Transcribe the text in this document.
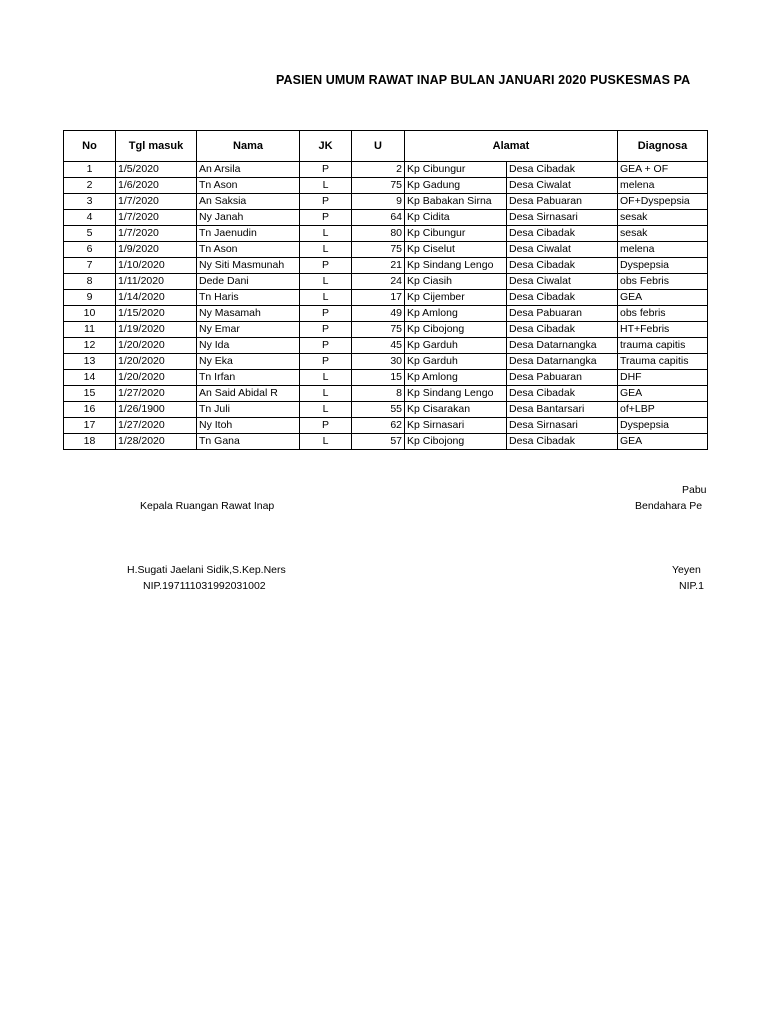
PASIEN UMUM RAWAT INAP BULAN JANUARI 2020 PUSKESMAS PA
No	Tgl masuk	Nama	JK	U	Alamat		Diagnosa
1	1/5/2020	An Arsila	P	2	Kp Cibungur	Desa Cibadak	GEA + OF
2	1/6/2020	Tn Ason	L	75	Kp Gadung	Desa Ciwalat	melena
3	1/7/2020	An Saksia	P	9	Kp Babakan Sirna	Desa Pabuaran	OF+Dyspepsia
4	1/7/2020	Ny Janah	P	64	Kp Cidita	Desa Sirnasari	sesak
5	1/7/2020	Tn Jaenudin	L	80	Kp Cibungur	Desa Cibadak	sesak
6	1/9/2020	Tn Ason	L	75	Kp Ciselut	Desa Ciwalat	melena
7	1/10/2020	Ny Siti Masmunah	P	21	Kp Sindang Lengo	Desa Cibadak	Dyspepsia
8	1/11/2020	Dede Dani	L	24	Kp Ciasih	Desa Ciwalat	obs Febris
9	1/14/2020	Tn Haris	L	17	Kp Cijember	Desa Cibadak	GEA
10	1/15/2020	Ny Masamah	P	49	Kp Amlong	Desa Pabuaran	obs febris
11	1/19/2020	Ny Emar	P	75	Kp Cibojong	Desa Cibadak	HT+Febris
12	1/20/2020	Ny Ida	P	45	Kp Garduh	Desa Datarnangka	trauma capitis
13	1/20/2020	Ny Eka	P	30	Kp Garduh	Desa Datarnangka	Trauma capitis
14	1/20/2020	Tn Irfan	L	15	Kp Amlong	Desa Pabuaran	DHF
15	1/27/2020	An Said Abidal R	L	8	Kp Sindang Lengo	Desa Cibadak	GEA
16	1/26/1900	Tn Juli	L	55	Kp Cisarakan	Desa Bantarsari	of+LBP
17	1/27/2020	Ny Itoh	P	62	Kp Sirnasari	Desa Sirnasari	Dyspepsia
18	1/28/2020	Tn Gana	L	57	Kp Cibojong	Desa Cibadak	GEA
Kepala Ruangan Rawat Inap
H.Sugati Jaelani Sidik,S.Kep.Ners
NIP.197111031992031002
Pabu
Bendahara Pe
Yeyen
NIP.1
